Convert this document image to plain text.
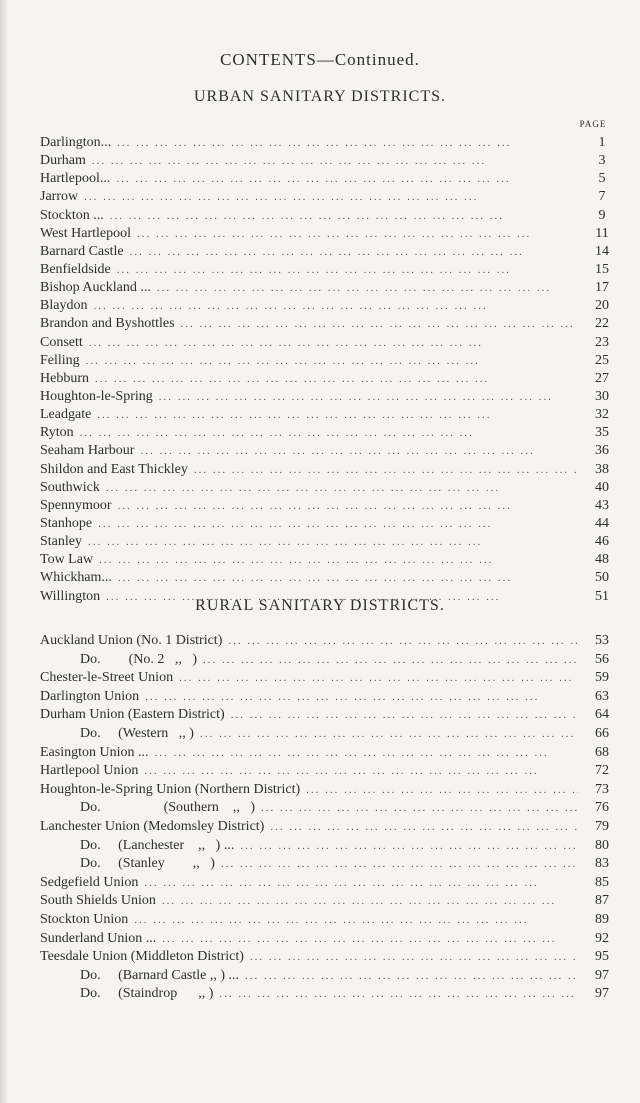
CONTENTS—Continued.
URBAN SANITARY DISTRICTS.
PAGE
Darlington... ... .	1
Durham ... .	3
Hartlepool... ... .	5
Jarrow ... .	7
Stockton ... ... .	9
West Hartlepool ... .	11
Barnard Castle ... .	14
Benfieldside ... .	15
Bishop Auckland ... ... .	17
Blaydon ... .	20
Brandon and Byshottles ... .	22
Consett ... .	23
Felling ... .	25
Hebburn ... .	27
Houghton-le-Spring ... .	30
Leadgate ... .	32
Ryton ... .	35
Seaham Harbour ... .	36
Shildon and East Thickley ... .	38
Southwick ... .	40
Spennymoor ... .	43
Stanhope ... .	44
Stanley ... .	46
Tow Law ... .	48
Whickham... ... .	50
Willington ... .	51
RURAL SANITARY DISTRICTS.
Auckland Union (No. 1 District) ... .	53
Do.        (No. 2   ,,   ) ... .	56
Chester-le-Street Union ... .	59
Darlington Union ... .	63
Durham Union (Eastern District) ... .	64
Do.     (Western   ,, ) ... .	66
Easington Union ... ... .	68
Hartlepool Union ... .	72
Houghton-le-Spring Union (Northern District) ... .	73
Do.                  (Southern    ,,   ) ... .	76
Lanchester Union (Medomsley District) ... .	79
Do.     (Lanchester    ,,   ) ... ... .	80
Do.     (Stanley        ,,   ) ... .	83
Sedgefield Union ... .	85
South Shields Union ... .	87
Stockton Union ... .	89
Sunderland Union ... ... .	92
Teesdale Union (Middleton District) ... .	95
Do.     (Barnard Castle ,, ) ... ... .	97
Do.     (Staindrop      ,, ) ... .	97
